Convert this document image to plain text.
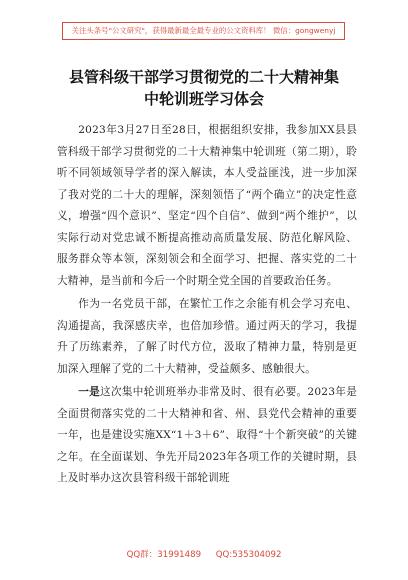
关注头条号"公文研究"，获得最新最全最专业的公文资料库！ 微信：gongwenyj
县管科级干部学习贯彻党的二十大精神集
中轮训班学习体会

2023年3月27日至28日，根据组织安排，我参加XX县县管科级干部学习贯彻党的二十大精神集中轮训班（第二期），聆听不同领域领导学者的深入解读，本人受益匪浅，进一步加深了我对党的二十大的理解，深刻领悟了“两个确立”的决定性意义，增强“四个意识”、坚定“四个自信”、做到“两个维护”，以实际行动对党忠诚不断提高推动高质量发展、防范化解风险、服务群众等本领，深刻领会和全面学习、把握、落实党的二十大精神，是当前和今后一个时期全党全国的首要政治任务。

作为一名党员干部，在繁忙工作之余能有机会学习充电、沟通提高，我深感庆幸，也倍加珍惜。通过两天的学习，我提升了历练素养，了解了时代方位，汲取了精神力量，特别是更加深入理解了党的二十大精神，受益颇多、感触很大。

一是这次集中轮训班举办非常及时、很有必要。2023年是全面贯彻落实党的二十大精神和省、州、县党代会精神的重要一年，也是建设实施XX“1＋3＋6”、取得“十个新突破”的关键之年。在全面谋划、争先开局2023年各项工作的关键时期，县上及时举办这次县管科级干部轮训班

QQ群：31991489 QQ:535304092
